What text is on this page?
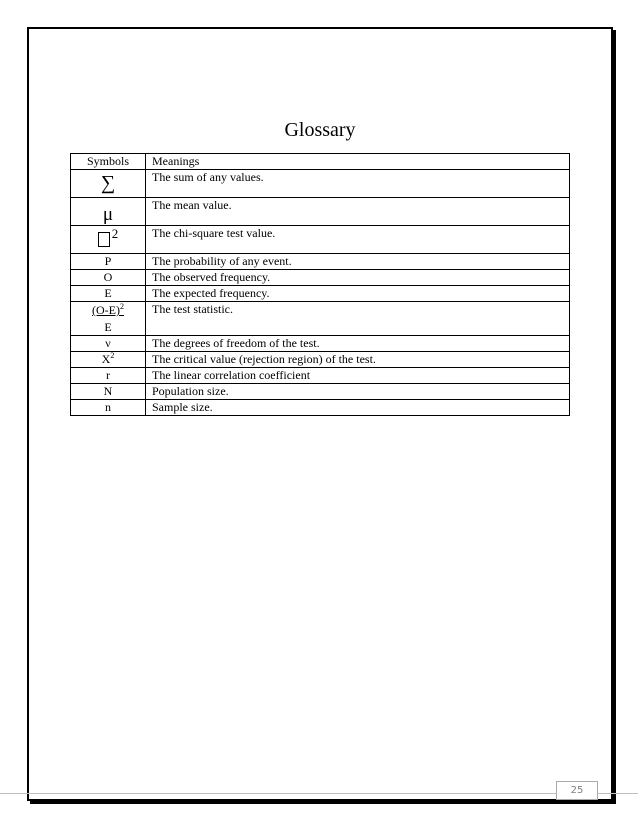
Glossary
Symbols	Meanings
∑	The sum of any values.
μ	The mean value.
2	The chi-square test value.
P	The probability of any event.
O	The observed frequency.
E	The expected frequency.

$(O-E)^2$
E	The test statistic.
ν	The degrees of freedom of the test.
$X^2$	The critical value (rejection region) of the test.
r	The linear correlation coefficient
N	Population size.
n	Sample size.
25
